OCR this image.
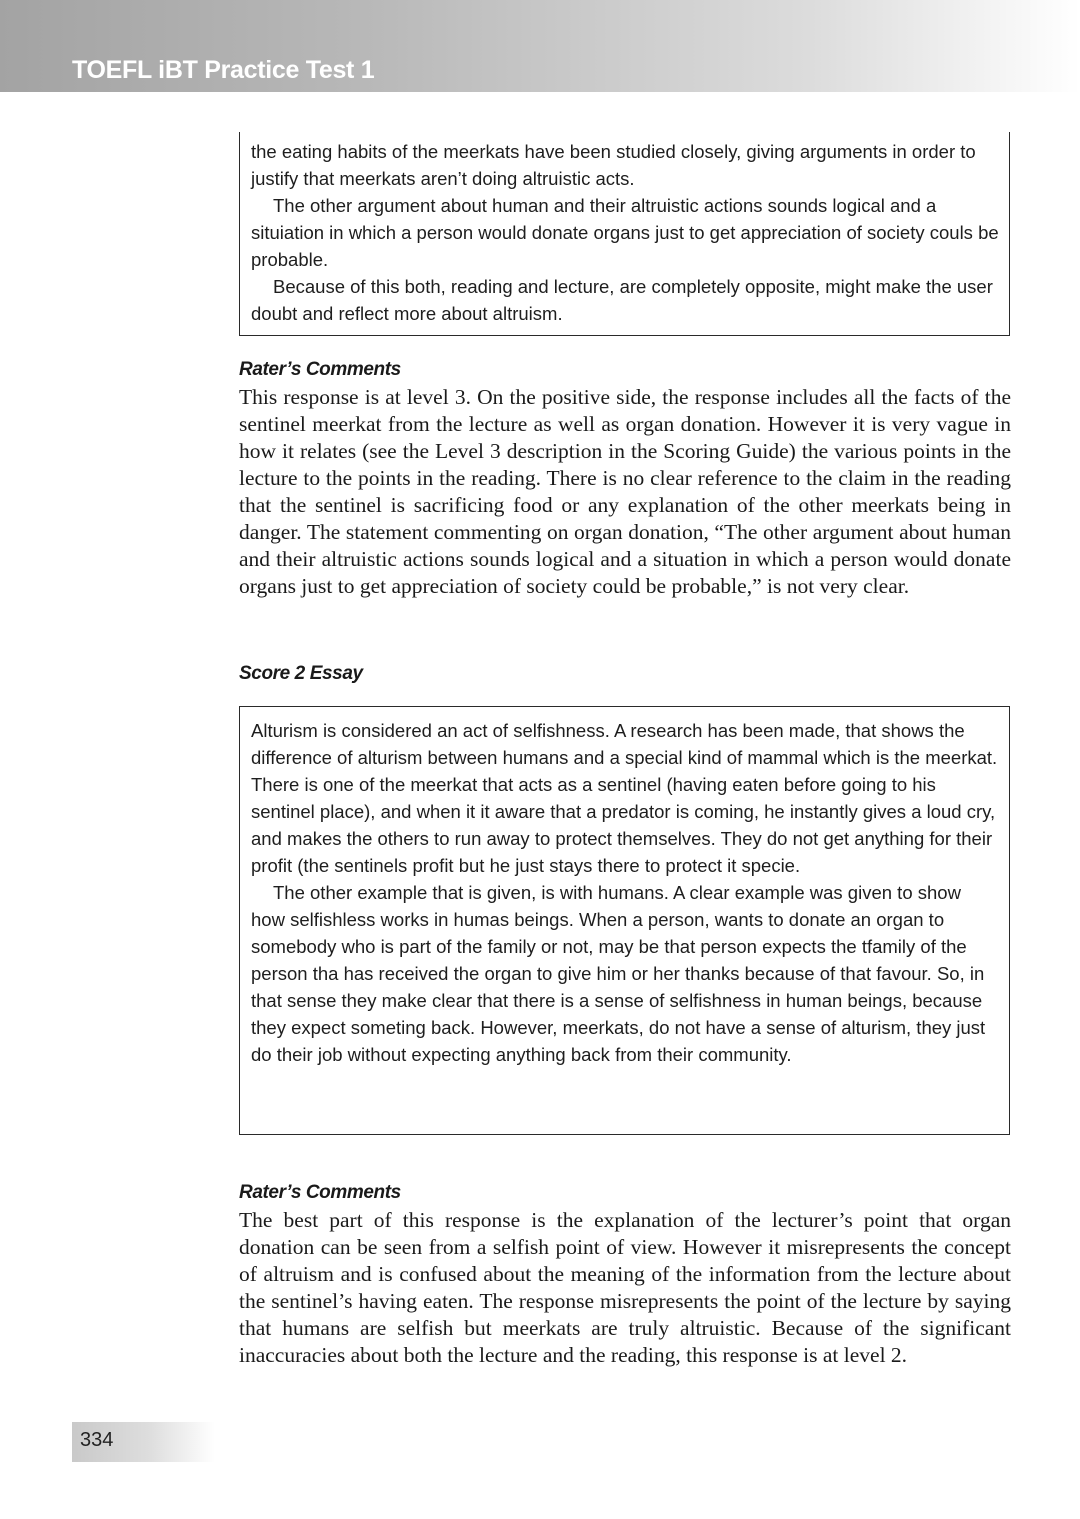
TOEFL iBT Practice Test 1

the eating habits of the meerkats have been studied closely, giving arguments in order to justify that meerkats aren’t doing altruistic acts.

The other argument about human and their altruistic actions sounds logical and a situiation in which a person would donate organs just to get appreciation of society couls be probable.

Because of this both, reading and lecture, are completely opposite, might make the user doubt and reflect more about altruism.

Rater’s Comments

This response is at level 3. On the positive side, the response includes all the facts of the sentinel meerkat from the lecture as well as organ donation. However it is very vague in how it relates (see the Level 3 description in the Scoring Guide) the various points in the lecture to the points in the reading. There is no clear reference to the claim in the reading that the sentinel is sacrificing food or any explanation of the other meerkats being in danger. The statement commenting on organ donation, “The other argument about human and their altruistic actions sounds logical and a situation in which a person would donate organs just to get appreciation of society could be probable,” is not very clear.

Score 2 Essay

Alturism is considered an act of selfishness. A research has been made, that shows the difference of alturism between humans and a special kind of mammal which is the meerkat. There is one of the meerkat that acts as a sentinel (having eaten before going to his sentinel place), and when it it aware that a predator is coming, he instantly gives a loud cry, and makes the others to run away to protect themselves. They do not get anything for their profit (the sentinels profit but he just stays there to protect it specie.

The other example that is given, is with humans. A clear example was given to show how selfishless works in humas beings. When a person, wants to donate an organ to somebody who is part of the family or not, may be that person expects the tfamily of the person tha has received the organ to give him or her thanks because of that favour. So, in that sense they make clear that there is a sense of selfishness in human beings, because they expect someting back. However, meerkats, do not have a sense of alturism, they just do their job without expecting anything back from their community.

Rater’s Comments

The best part of this response is the explanation of the lecturer’s point that organ donation can be seen from a selfish point of view. However it misrepresents the concept of altruism and is confused about the meaning of the information from the lecture about the sentinel’s having eaten. The response misrepresents the point of the lecture by saying that humans are selfish but meerkats are truly altruistic. Because of the significant inaccuracies about both the lecture and the reading, this response is at level 2.

334
